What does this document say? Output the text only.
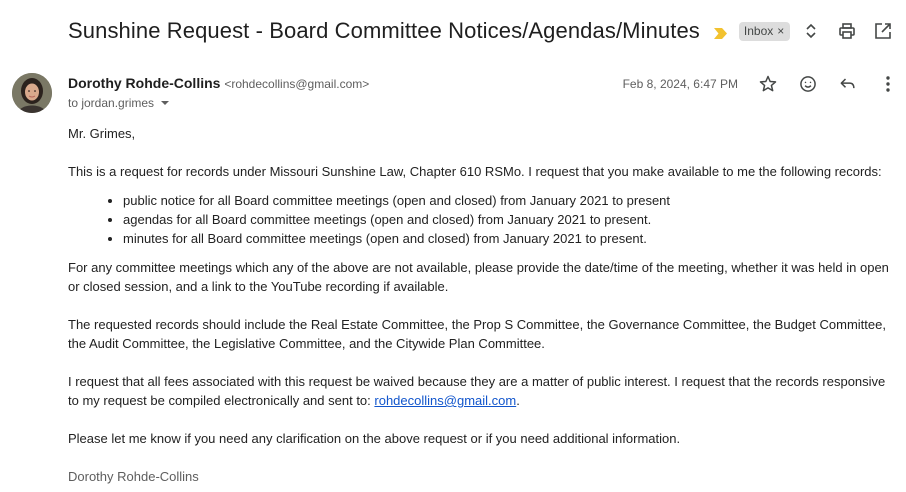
Sunshine Request - Board Committee Notices/Agendas/Minutes	Inbox ×
Dorothy Rohde-Collins <rohdecollins@gmail.com>
to jordan.grimes
Feb 8, 2024, 6:47 PM

Mr. Grimes,

This is a request for records under Missouri Sunshine Law, Chapter 610 RSMo. I request that you make available to me the following records:

• public notice for all Board committee meetings (open and closed) from January 2021 to present
• agendas for all Board committee meetings (open and closed) from January 2021 to present.
• minutes for all Board committee meetings (open and closed) from January 2021 to present.

For any committee meetings which any of the above are not available, please provide the date/time of the meeting, whether it was held in open or closed session, and a link to the YouTube recording if available.

The requested records should include the Real Estate Committee, the Prop S Committee, the Governance Committee, the Budget Committee, the Audit Committee, the Legislative Committee, and the Citywide Plan Committee.

I request that all fees associated with this request be waived because they are a matter of public interest. I request that the records responsive to my request be compiled electronically and sent to: rohdecollins@gmail.com.

Please let me know if you need any clarification on the above request or if you need additional information.

Dorothy Rohde-Collins
